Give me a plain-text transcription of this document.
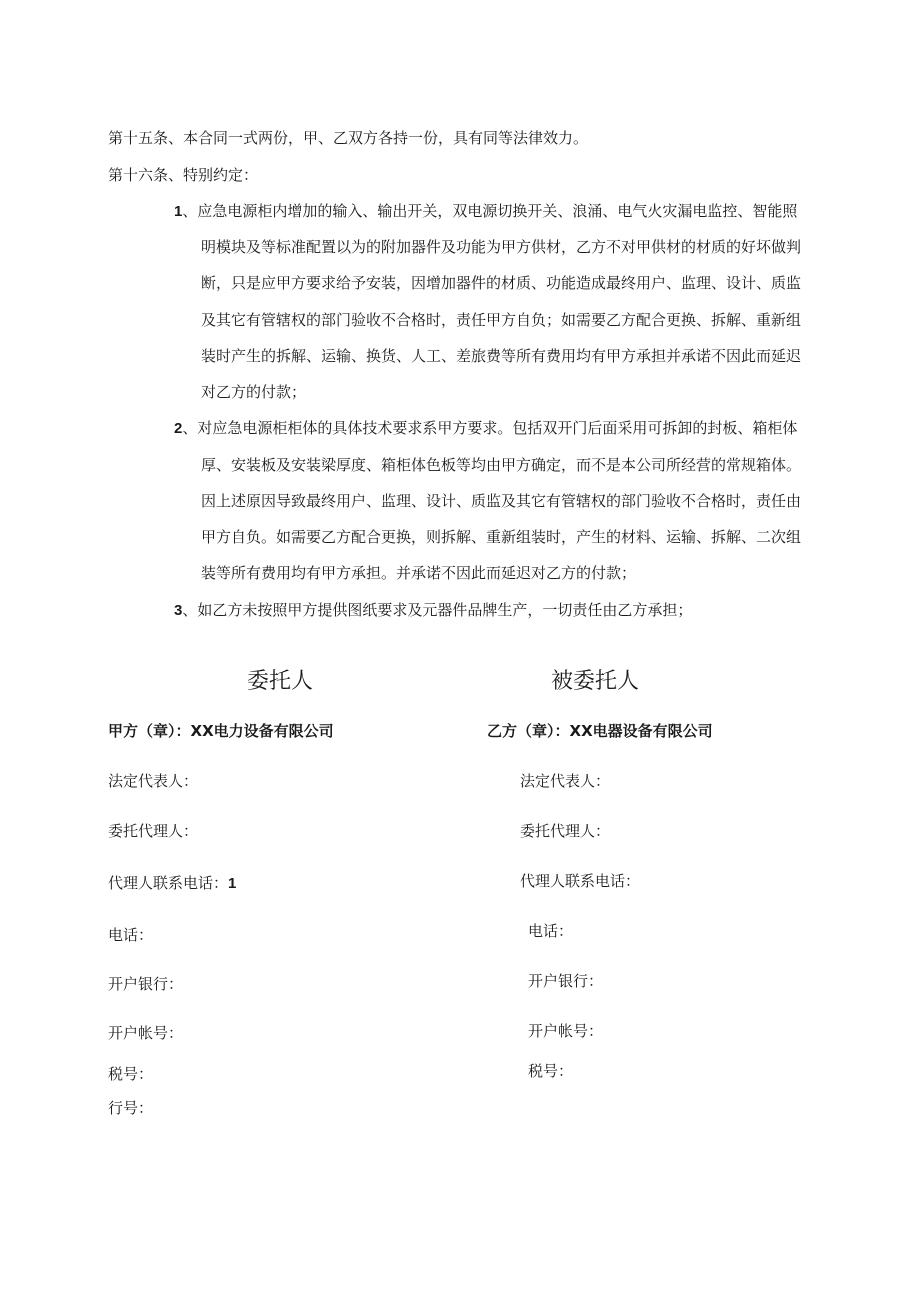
第十五条、本合同一式两份，甲、乙双方各持一份，具有同等法律效力。
第十六条、特别约定：
1、应急电源柜内增加的输入、输出开关，双电源切换开关、浪涌、电气火灾漏电监控、智能照
明模块及等标准配置以为的附加器件及功能为甲方供材，乙方不对甲供材的材质的好坏做判
断，只是应甲方要求给予安装，因增加器件的材质、功能造成最终用户、监理、设计、质监
及其它有管辖权的部门验收不合格时，责任甲方自负；如需要乙方配合更换、拆解、重新组
装时产生的拆解、运输、换货、人工、差旅费等所有费用均有甲方承担并承诺不因此而延迟
对乙方的付款；
2、对应急电源柜柜体的具体技术要求系甲方要求。包括双开门后面采用可拆卸的封板、箱柜体
厚、安装板及安装梁厚度、箱柜体色板等均由甲方确定，而不是本公司所经营的常规箱体。
因上述原因导致最终用户、监理、设计、质监及其它有管辖权的部门验收不合格时，责任由
甲方自负。如需要乙方配合更换，则拆解、重新组装时，产生的材料、运输、拆解、二次组
装等所有费用均有甲方承担。并承诺不因此而延迟对乙方的付款；
3、如乙方未按照甲方提供图纸要求及元器件品牌生产，一切责任由乙方承担；
委托人	被委托人
甲方（章）：XX电力设备有限公司	乙方（章）：XX电器设备有限公司
法定代表人：
委托代理人：
代理人联系电话：1
电话：
开户银行：
开户帐号：
税号：
行号：
法定代表人：
委托代理人：
代理人联系电话：
电话：
开户银行：
开户帐号：
税号：
